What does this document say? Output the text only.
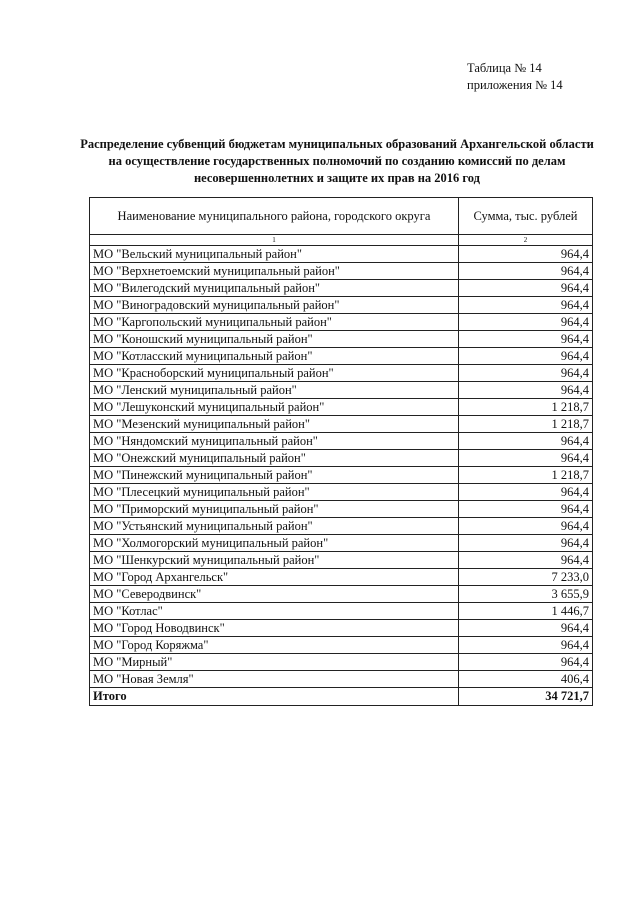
Таблица № 14
приложения № 14
Распределение субвенций бюджетам муниципальных образований Архангельской области на осуществление государственных полномочий по созданию комиссий по делам несовершеннолетних и защите их прав на 2016 год
Наименование муниципального района, городского округа	Сумма, тыс. рублей
1	2
МО "Вельский муниципальный район"	964,4
МО "Верхнетоемский муниципальный район"	964,4
МО "Вилегодский муниципальный район"	964,4
МО "Виноградовский муниципальный район"	964,4
МО "Каргопольский муниципальный район"	964,4
МО "Коношский муниципальный район"	964,4
МО "Котласский муниципальный район"	964,4
МО "Красноборский муниципальный район"	964,4
МО "Ленский муниципальный район"	964,4
МО "Лешуконский муниципальный район"	1 218,7
МО "Мезенский муниципальный район"	1 218,7
МО "Няндомский муниципальный район"	964,4
МО "Онежский муниципальный район"	964,4
МО "Пинежский муниципальный район"	1 218,7
МО "Плесецкий муниципальный район"	964,4
МО "Приморский муниципальный район"	964,4
МО "Устьянский муниципальный район"	964,4
МО "Холмогорский муниципальный район"	964,4
МО "Шенкурский муниципальный район"	964,4
МО "Город Архангельск"	7 233,0
МО "Северодвинск"	3 655,9
МО "Котлас"	1 446,7
МО "Город Новодвинск"	964,4
МО "Город Коряжма"	964,4
МО "Мирный"	964,4
МО "Новая Земля"	406,4
Итого	34 721,7
